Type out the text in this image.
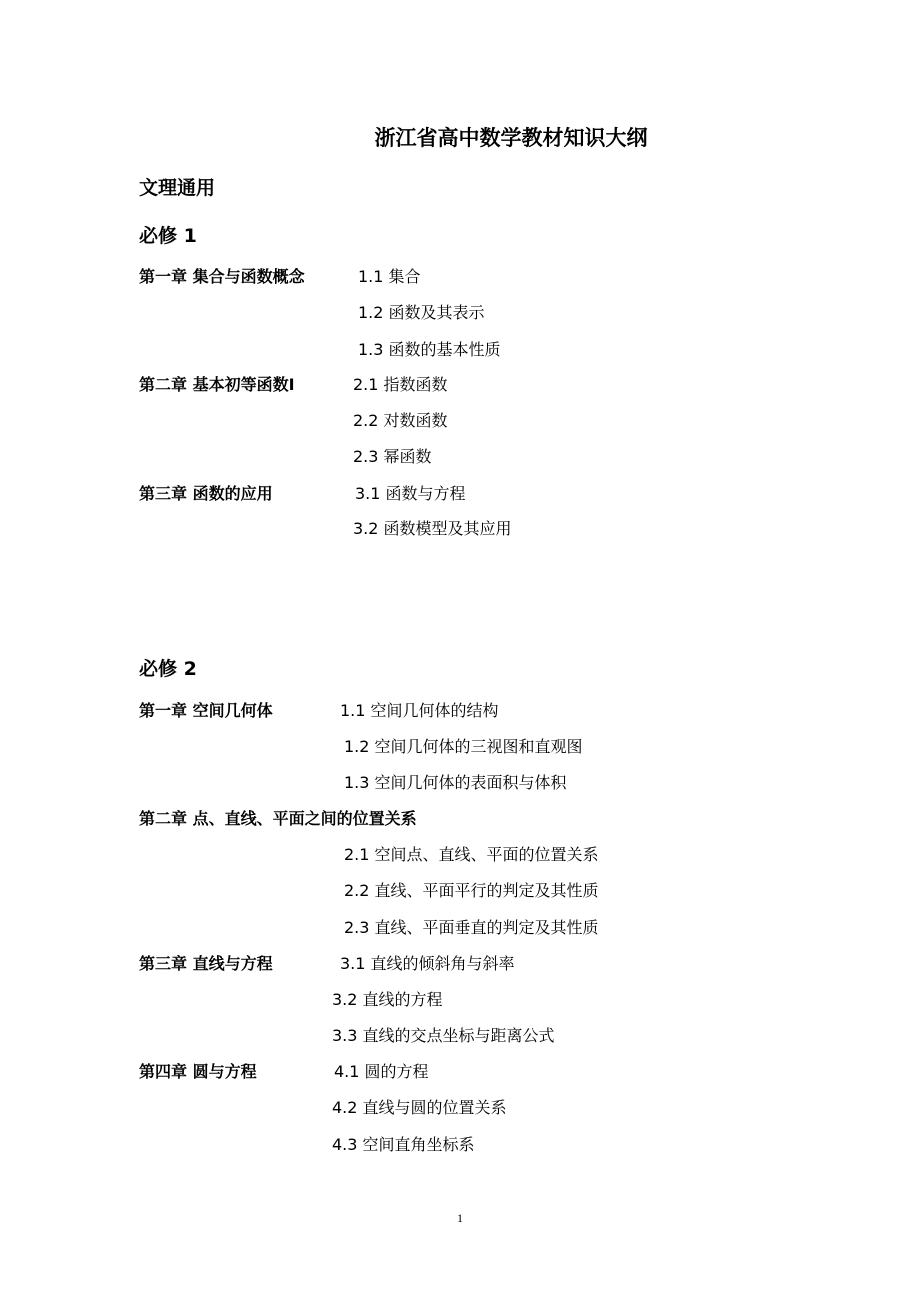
浙江省高中数学教材知识大纲
文理通用
必修 1
第一章 集合与函数概念	1.1 集合
1.2 函数及其表示
1.3 函数的基本性质
第二章 基本初等函数Ⅰ	2.1 指数函数
2.2 对数函数
2.3 幂函数
第三章 函数的应用	3.1 函数与方程
3.2 函数模型及其应用
必修 2
第一章 空间几何体	1.1 空间几何体的结构
1.2 空间几何体的三视图和直观图
1.3 空间几何体的表面积与体积
第二章 点、直线、平面之间的位置关系
2.1 空间点、直线、平面的位置关系
2.2 直线、平面平行的判定及其性质
2.3 直线、平面垂直的判定及其性质
第三章 直线与方程	3.1 直线的倾斜角与斜率
3.2 直线的方程
3.3 直线的交点坐标与距离公式
第四章 圆与方程	4.1 圆的方程
4.2 直线与圆的位置关系
4.3 空间直角坐标系
1
